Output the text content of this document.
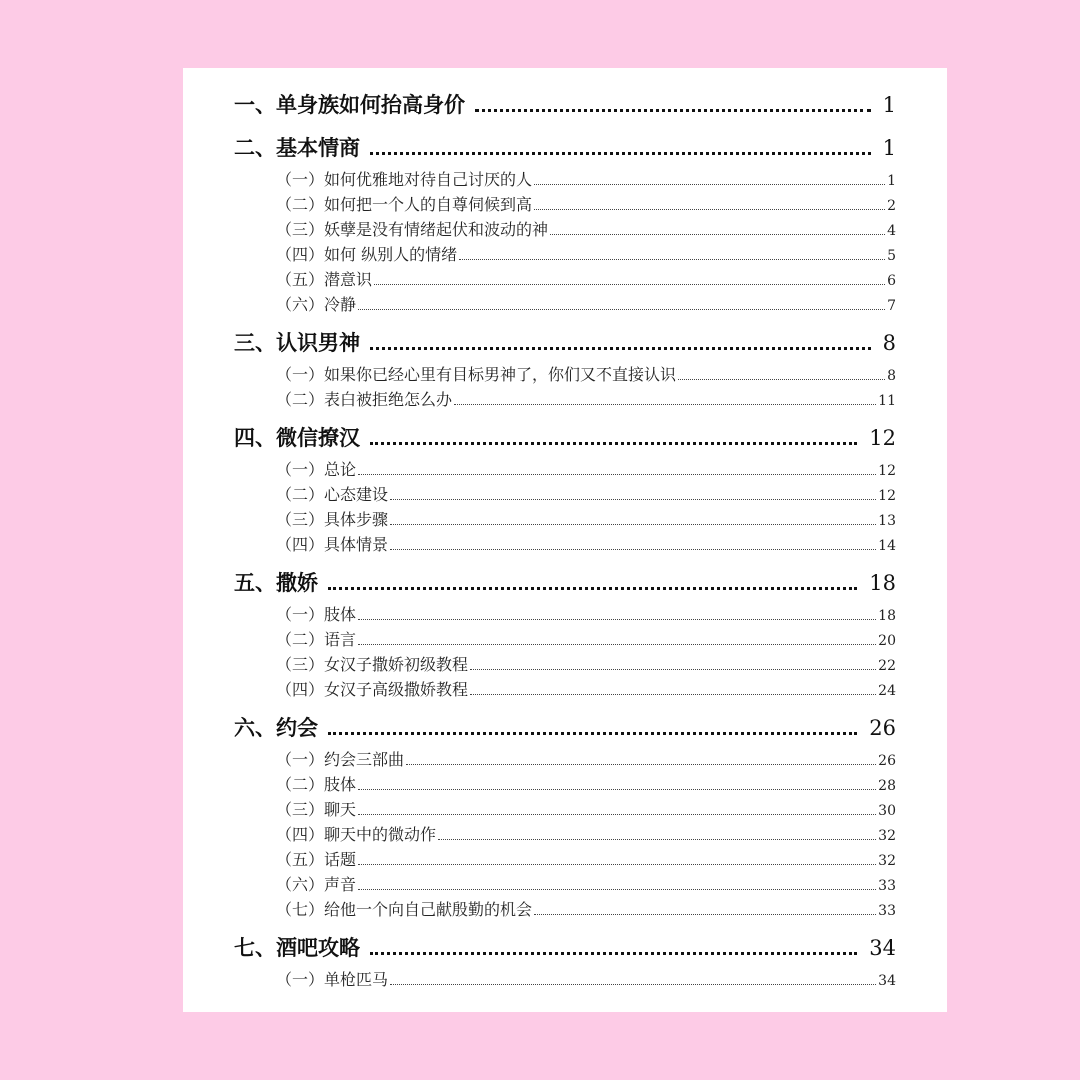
一、单身族如何抬高身价	1
二、基本情商	1
（一）如何优雅地对待自己讨厌的人	1
（二）如何把一个人的自尊伺候到高	2
（三）妖孽是没有情绪起伏和波动的神	4
（四）如何 纵别人的情绪	5
（五）潜意识	6
（六）冷静	7
三、认识男神	8
（一）如果你已经心里有目标男神了，你们又不直接认识	8
（二）表白被拒绝怎么办	11
四、微信撩汉	12
（一）总论	12
（二）心态建设	12
（三）具体步骤	13
（四）具体情景	14
五、撒娇	18
（一）肢体	18
（二）语言	20
（三）女汉子撒娇初级教程	22
（四）女汉子高级撒娇教程	24
六、约会	26
（一）约会三部曲	26
（二）肢体	28
（三）聊天	30
（四）聊天中的微动作	32
（五）话题	32
（六）声音	33
（七）给他一个向自己献殷勤的机会	33
七、酒吧攻略	34
（一）单枪匹马	34
